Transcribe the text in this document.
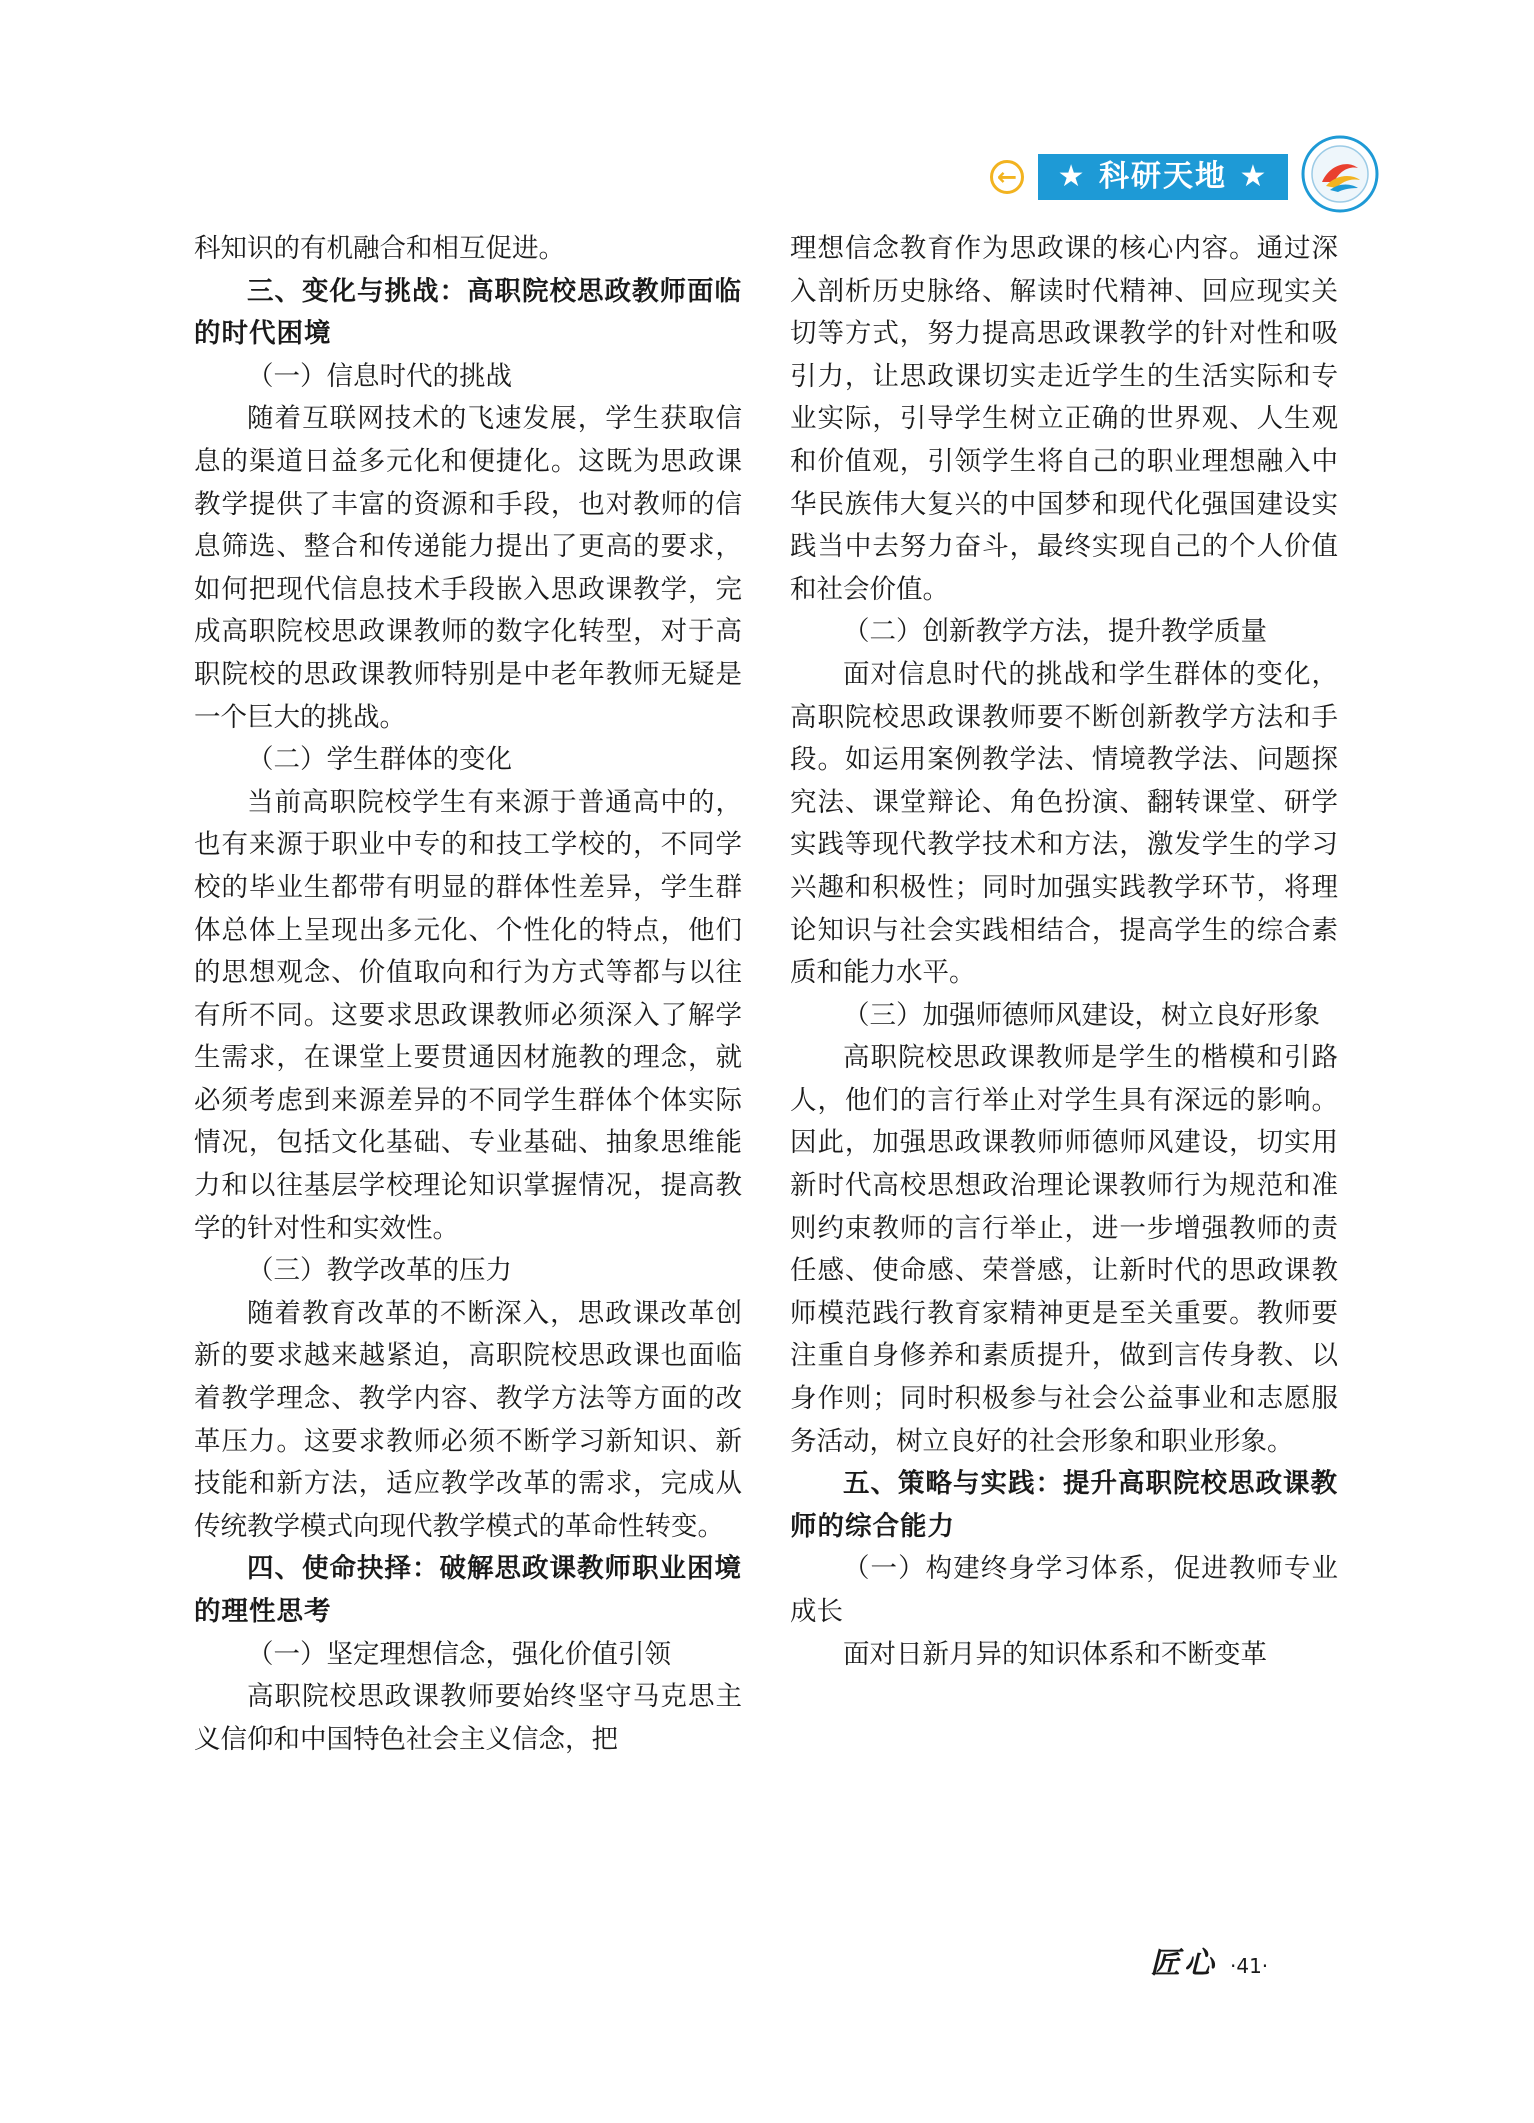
←	★ 科研天地 ★

科知识的有机融合和相互促进。

三、变化与挑战：高职院校思政教师面临的时代困境
（一）信息时代的挑战

随着互联网技术的飞速发展，学生获取信息的渠道日益多元化和便捷化。这既为思政课教学提供了丰富的资源和手段，也对教师的信息筛选、整合和传递能力提出了更高的要求，如何把现代信息技术手段嵌入思政课教学，完成高职院校思政课教师的数字化转型，对于高职院校的思政课教师特别是中老年教师无疑是一个巨大的挑战。

（二）学生群体的变化

当前高职院校学生有来源于普通高中的，也有来源于职业中专的和技工学校的，不同学校的毕业生都带有明显的群体性差异，学生群体总体上呈现出多元化、个性化的特点，他们的思想观念、价值取向和行为方式等都与以往有所不同。这要求思政课教师必须深入了解学生需求，在课堂上要贯通因材施教的理念，就必须考虑到来源差异的不同学生群体个体实际情况，包括文化基础、专业基础、抽象思维能力和以往基层学校理论知识掌握情况，提高教学的针对性和实效性。

（三）教学改革的压力

随着教育改革的不断深入，思政课改革创新的要求越来越紧迫，高职院校思政课也面临着教学理念、教学内容、教学方法等方面的改革压力。这要求教师必须不断学习新知识、新技能和新方法，适应教学改革的需求，完成从传统教学模式向现代教学模式的革命性转变。

四、使命抉择：破解思政课教师职业困境的理性思考
（一）坚定理想信念，强化价值引领

高职院校思政课教师要始终坚守马克思主义信仰和中国特色社会主义信念，把

理想信念教育作为思政课的核心内容。通过深入剖析历史脉络、解读时代精神、回应现实关切等方式，努力提高思政课教学的针对性和吸引力，让思政课切实走近学生的生活实际和专业实际，引导学生树立正确的世界观、人生观和价值观，引领学生将自己的职业理想融入中华民族伟大复兴的中国梦和现代化强国建设实践当中去努力奋斗，最终实现自己的个人价值和社会价值。

（二）创新教学方法，提升教学质量

面对信息时代的挑战和学生群体的变化，高职院校思政课教师要不断创新教学方法和手段。如运用案例教学法、情境教学法、问题探究法、课堂辩论、角色扮演、翻转课堂、研学实践等现代教学技术和方法，激发学生的学习兴趣和积极性；同时加强实践教学环节，将理论知识与社会实践相结合，提高学生的综合素质和能力水平。

（三）加强师德师风建设，树立良好形象

高职院校思政课教师是学生的楷模和引路人，他们的言行举止对学生具有深远的影响。因此，加强思政课教师师德师风建设，切实用新时代高校思想政治理论课教师行为规范和准则约束教师的言行举止，进一步增强教师的责任感、使命感、荣誉感，让新时代的思政课教师模范践行教育家精神更是至关重要。教师要注重自身修养和素质提升，做到言传身教、以身作则；同时积极参与社会公益事业和志愿服务活动，树立良好的社会形象和职业形象。

五、策略与实践：提升高职院校思政课教师的综合能力
（一）构建终身学习体系，促进教师专业成长

面对日新月异的知识体系和不断变革

匠心 ·41·
